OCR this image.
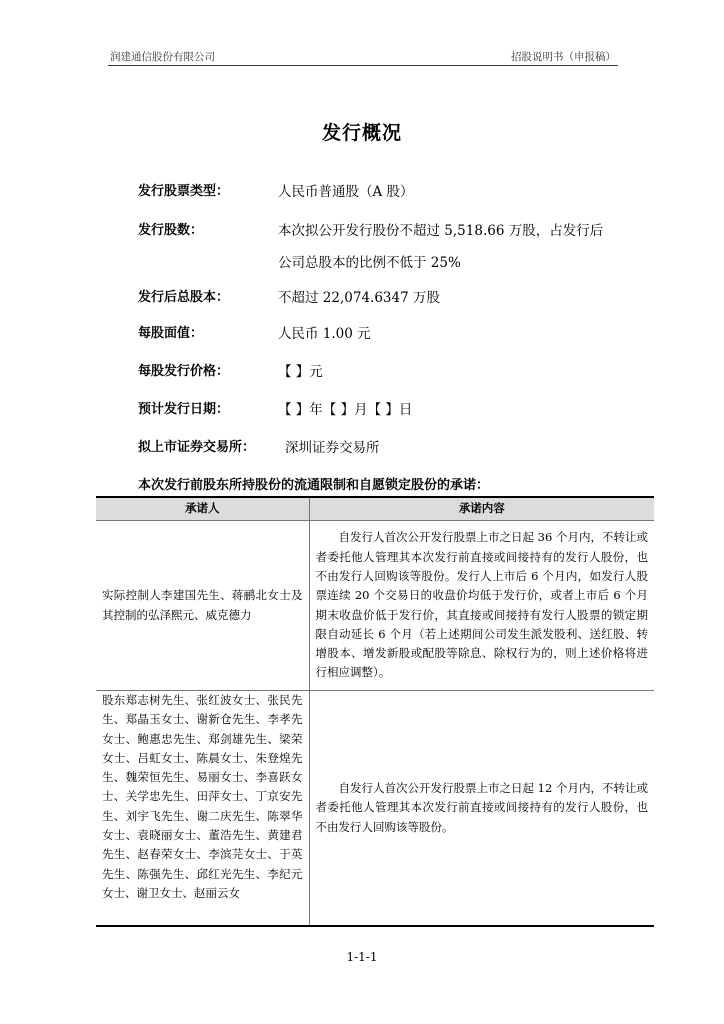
润建通信股份有限公司	招股说明书（申报稿）
发行概况
发行股票类型：	人民币普通股（A 股）
发行股数：	本次拟公开发行股份不超过 5,518.66 万股，占发行后
公司总股本的比例不低于 25%
发行后总股本：	不超过 22,074.6347 万股
每股面值：	人民币 1.00 元
每股发行价格：	【 】元
预计发行日期：	【 】年【 】月【 】日
拟上市证券交易所： 深圳证券交易所
本次发行前股东所持股份的流通限制和自愿锁定股份的承诺：
承诺人	承诺内容
实际控制人李建国先生、蒋鹂北女士及其控制的弘泽熙元、威克德力	自发行人首次公开发行股票上市之日起 36 个月内，不转让或者委托他人管理其本次发行前直接或间接持有的发行人股份，也不由发行人回购该等股份。发行人上市后 6 个月内，如发行人股票连续 20 个交易日的收盘价均低于发行价，或者上市后 6 个月期末收盘价低于发行价，其直接或间接持有发行人股票的锁定期限自动延长 6 个月（若上述期间公司发生派发股利、送红股、转增股本、增发新股或配股等除息、除权行为的，则上述价格将进行相应调整）。
股东郑志树先生、张红波女士、张民先生、郑晶玉女士、谢新仓先生、李孝先女士、鲍惠忠先生、郑剑雄先生、梁荣女士、吕虹女士、陈晨女士、朱登煌先生、魏荣恒先生、易丽女士、李喜跃女士、关学忠先生、田萍女士、丁京安先生、刘宇飞先生、谢二庆先生、陈翠华女士、袁晓丽女士、董浩先生、黄建君先生、赵春荣女士、李滨芫女士、于英先生、陈强先生、邱红光先生、李纪元女士、谢卫女士、赵丽云女	自发行人首次公开发行股票上市之日起 12 个月内，不转让或者委托他人管理其本次发行前直接或间接持有的发行人股份，也不由发行人回购该等股份。
1-1-1
